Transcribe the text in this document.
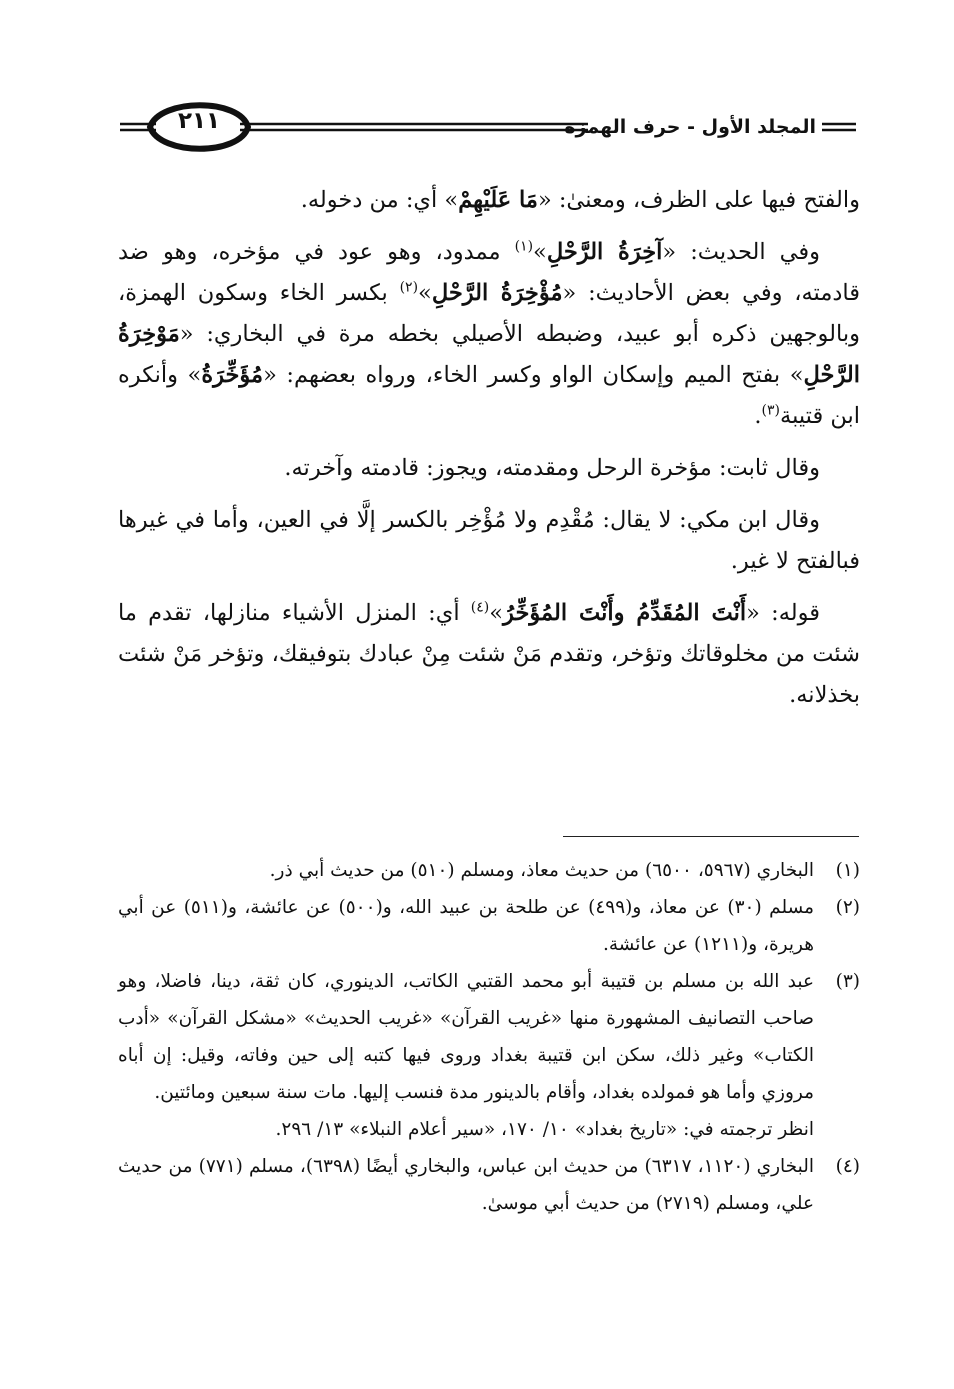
المجلد الأول - حرف الهمزة
٢١١

والفتح فيها على الظرف، ومعنىٰ: «مَا عَلَيْهِمْ» أي: من دخوله.

وفي الحديث: «آخِرَةُ الرَّحْلِ»$^{(١)}$ ممدود، وهو عود في مؤخره، وهو ضد قادمته، وفي بعض الأحاديث: «مُؤْخِرَةُ الرَّحْلِ»$^{(٢)}$ بكسر الخاء وسكون الهمزة، وبالوجهين ذكره أبو عبيد، وضبطه الأصيلي بخطه مرة في البخاري: «مَوْخِرَةُ الرَّحْلِ» بفتح الميم وإسكان الواو وكسر الخاء، ورواه بعضهم: «مُؤَخِّرَةُ» وأنكره ابن قتيبة$^{(٣)}$.

وقال ثابت: مؤخرة الرحل ومقدمته، ويجوز: قادمته وآخرته.

وقال ابن مكي: لا يقال: مُقْدِم ولا مُؤْخِر بالكسر إلَّا في العين، وأما في غيرها فبالفتح لا غير.

قوله: «أَنْتَ المُقَدِّمُ وأَنْتَ المُؤَخِّرُ»$^{(٤)}$ أي: المنزل الأشياء منازلها، تقدم ما شئت من مخلوقاتك وتؤخر، وتقدم مَنْ شئت مِنْ عبادك بتوفيقك، وتؤخر مَنْ شئت بخذلانه.

(١)

البخاري (٥٩٦٧، ٦٥٠٠) من حديث معاذ، ومسلم (٥١٠) من حديث أبي ذر.

(٢)

مسلم (٣٠) عن معاذ، و(٤٩٩) عن طلحة بن عبيد الله، و(٥٠٠) عن عائشة، و(٥١١) عن أبي هريرة، و(١٢١١) عن عائشة.

(٣)

عبد الله بن مسلم بن قتيبة أبو محمد القتبي الكاتب، الدينوري، كان ثقة، دينا، فاضلا، وهو صاحب التصانيف المشهورة منها «غريب القرآن» «غريب الحديث» «مشكل القرآن» «أدب الكتاب» وغير ذلك، سكن ابن قتيبة بغداد وروى فيها كتبه إلى حين وفاته، وقيل: إن أباه مروزي وأما هو فمولده بغداد، وأقام بالدينور مدة فنسب إليها. مات سنة سبعين ومائتين.

انظر ترجمته في: «تاريخ بغداد» ١٠/ ١٧٠، «سير أعلام النبلاء» ١٣/ ٢٩٦.

(٤)

البخاري (١١٢٠، ٦٣١٧) من حديث ابن عباس، والبخاري أيضًا (٦٣٩٨)، مسلم (٧٧١) من حديث علي، ومسلم (٢٧١٩) من حديث أبي موسىٰ.
